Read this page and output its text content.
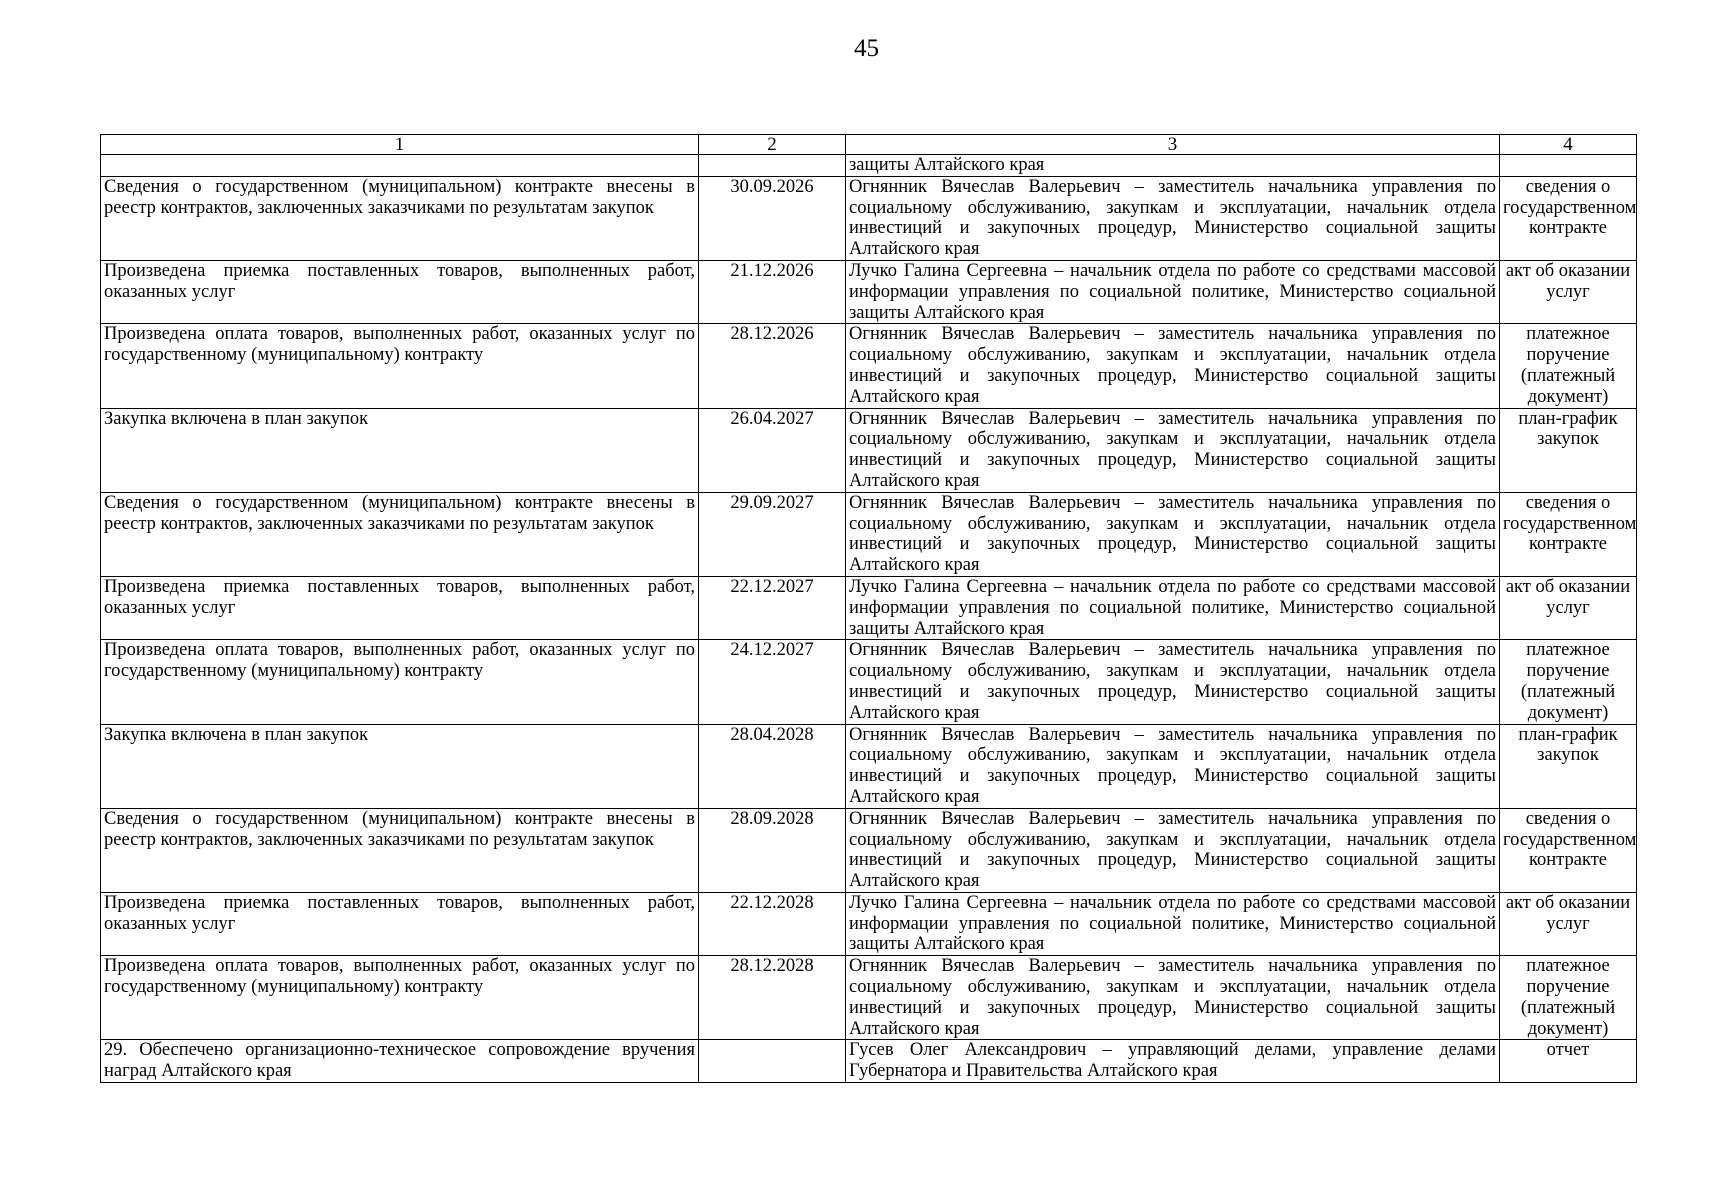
45
1	2	3	4
		защиты Алтайского края	
Сведения о государственном (муниципальном) контракте внесены в реестр контрактов, заключенных заказчиками по результатам закупок	30.09.2026	Огнянник Вячеслав Валерьевич – заместитель начальника управления по социальному обслуживанию, закупкам и эксплуатации, начальник отдела инвестиций и закупочных процедур, Министерство социальной защиты Алтайского края	сведения о государственном контракте
Произведена приемка поставленных товаров, выполненных работ, оказанных услуг	21.12.2026	Лучко Галина Сергеевна – начальник отдела по работе со средствами массовой информации управления по социальной политике, Министерство социальной защиты Алтайского края	акт об оказании услуг
Произведена оплата товаров, выполненных работ, оказанных услуг по государственному (муниципальному) контракту	28.12.2026	Огнянник Вячеслав Валерьевич – заместитель начальника управления по социальному обслуживанию, закупкам и эксплуатации, начальник отдела инвестиций и закупочных процедур, Министерство социальной защиты Алтайского края	платежное поручение (платежный документ)
Закупка включена в план закупок	26.04.2027	Огнянник Вячеслав Валерьевич – заместитель начальника управления по социальному обслуживанию, закупкам и эксплуатации, начальник отдела инвестиций и закупочных процедур, Министерство социальной защиты Алтайского края	план-график закупок
Сведения о государственном (муниципальном) контракте внесены в реестр контрактов, заключенных заказчиками по результатам закупок	29.09.2027	Огнянник Вячеслав Валерьевич – заместитель начальника управления по социальному обслуживанию, закупкам и эксплуатации, начальник отдела инвестиций и закупочных процедур, Министерство социальной защиты Алтайского края	сведения о государственном контракте
Произведена приемка поставленных товаров, выполненных работ, оказанных услуг	22.12.2027	Лучко Галина Сергеевна – начальник отдела по работе со средствами массовой информации управления по социальной политике, Министерство социальной защиты Алтайского края	акт об оказании услуг
Произведена оплата товаров, выполненных работ, оказанных услуг по государственному (муниципальному) контракту	24.12.2027	Огнянник Вячеслав Валерьевич – заместитель начальника управления по социальному обслуживанию, закупкам и эксплуатации, начальник отдела инвестиций и закупочных процедур, Министерство социальной защиты Алтайского края	платежное поручение (платежный документ)
Закупка включена в план закупок	28.04.2028	Огнянник Вячеслав Валерьевич – заместитель начальника управления по социальному обслуживанию, закупкам и эксплуатации, начальник отдела инвестиций и закупочных процедур, Министерство социальной защиты Алтайского края	план-график закупок
Сведения о государственном (муниципальном) контракте внесены в реестр контрактов, заключенных заказчиками по результатам закупок	28.09.2028	Огнянник Вячеслав Валерьевич – заместитель начальника управления по социальному обслуживанию, закупкам и эксплуатации, начальник отдела инвестиций и закупочных процедур, Министерство социальной защиты Алтайского края	сведения о государственном контракте
Произведена приемка поставленных товаров, выполненных работ, оказанных услуг	22.12.2028	Лучко Галина Сергеевна – начальник отдела по работе со средствами массовой информации управления по социальной политике, Министерство социальной защиты Алтайского края	акт об оказании услуг
Произведена оплата товаров, выполненных работ, оказанных услуг по государственному (муниципальному) контракту	28.12.2028	Огнянник Вячеслав Валерьевич – заместитель начальника управления по социальному обслуживанию, закупкам и эксплуатации, начальник отдела инвестиций и закупочных процедур, Министерство социальной защиты Алтайского края	платежное поручение (платежный документ)
29. Обеспечено организационно-техническое сопровождение вручения наград Алтайского края		Гусев Олег Александрович – управляющий делами, управление делами Губернатора и Правительства Алтайского края	отчет
